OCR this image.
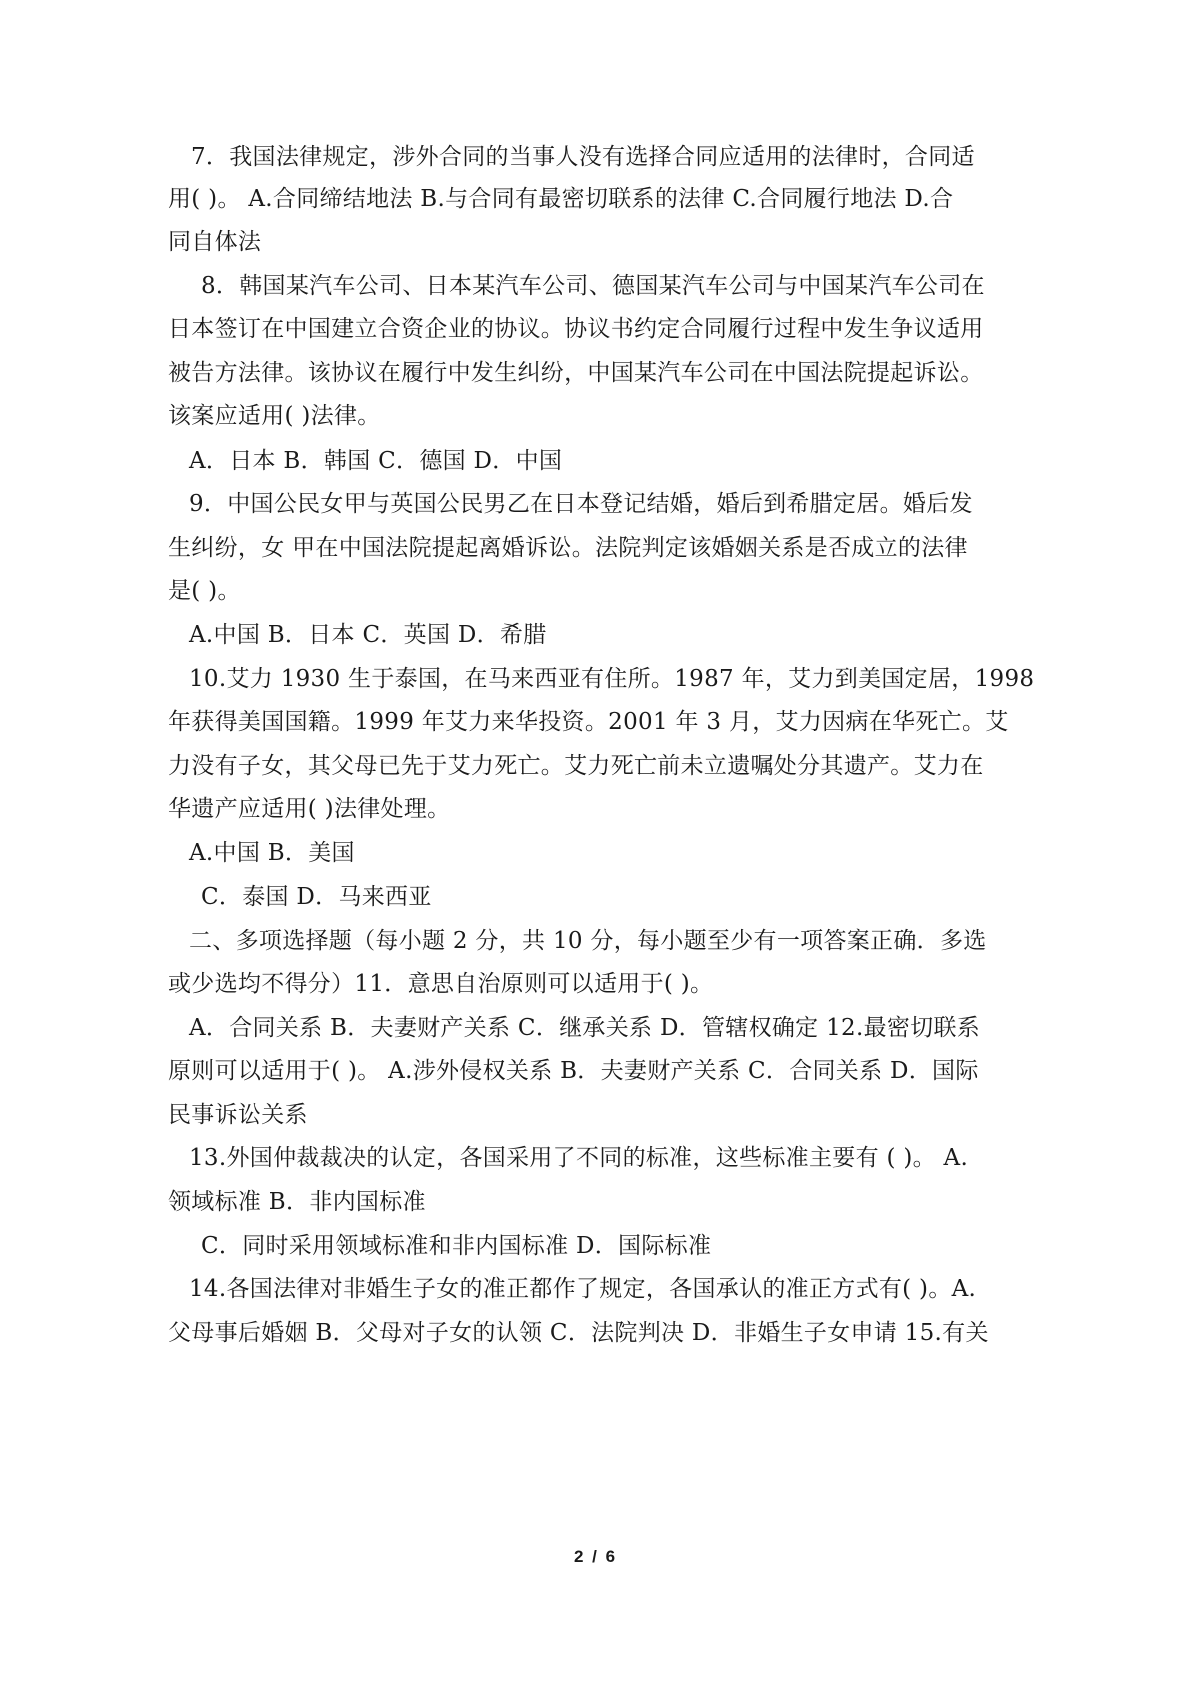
7．我国法律规定，涉外合同的当事人没有选择合同应适用的法律时，合同适
用( )。 A.合同缔结地法 B.与合同有最密切联系的法律 C.合同履行地法 D.合
同自体法
8．韩国某汽车公司、日本某汽车公司、德国某汽车公司与中国某汽车公司在
日本签订在中国建立合资企业的协议。协议书约定合同履行过程中发生争议适用
被告方法律。该协议在履行中发生纠纷，中国某汽车公司在中国法院提起诉讼。
该案应适用( )法律。
A．日本 B．韩国 C．德国 D．中国
9．中国公民女甲与英国公民男乙在日本登记结婚，婚后到希腊定居。婚后发
生纠纷，女 甲在中国法院提起离婚诉讼。法院判定该婚姻关系是否成立的法律
是( )。
A.中国 B．日本 C．英国 D．希腊
10.艾力 1930 生于泰国，在马来西亚有住所。1987 年，艾力到美国定居，1998
年获得美国国籍。1999 年艾力来华投资。2001 年 3 月，艾力因病在华死亡。艾
力没有子女，其父母已先于艾力死亡。艾力死亡前未立遗嘱处分其遗产。艾力在
华遗产应适用( )法律处理。
A.中国 B．美国
C．泰国 D．马来西亚
二、多项选择题（每小题 2 分，共 10 分，每小题至少有一项答案正确．多选
或少选均不得分）11．意思自治原则可以适用于( )。
A．合同关系 B．夫妻财产关系 C．继承关系 D．管辖权确定 12.最密切联系
原则可以适用于( )。 A.涉外侵权关系 B．夫妻财产关系 C．合同关系 D．国际
民事诉讼关系
13.外国仲裁裁决的认定，各国采用了不同的标准，这些标准主要有 ( )。 A.
领域标准 B．非内国标准
C．同时采用领域标准和非内国标准 D．国际标准
14.各国法律对非婚生子女的准正都作了规定，各国承认的准正方式有( )。A.
父母事后婚姻 B．父母对子女的认领 C．法院判决 D．非婚生子女申请 15.有关
2 / 6
